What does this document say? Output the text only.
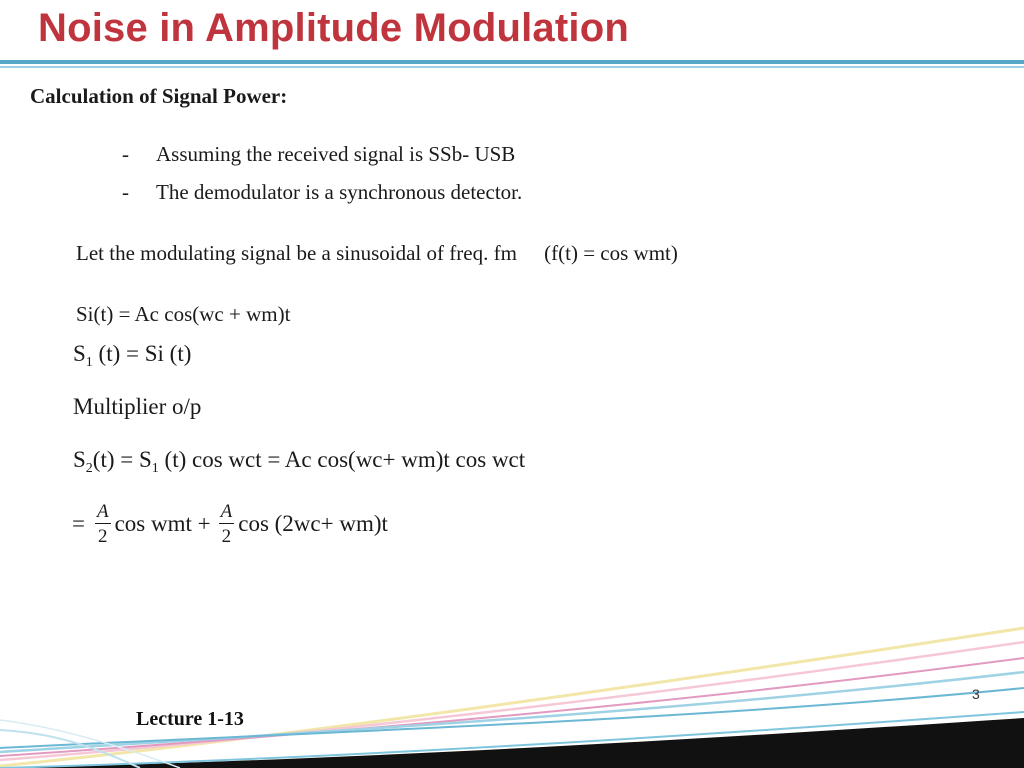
Noise in Amplitude Modulation
Calculation of Signal Power:
-	Assuming the received signal is SSb- USB
-	The demodulator is a synchronous detector.
Let the modulating signal be a sinusoidal of freq. fm (f(t) = cos wmt)
Si(t) = Ac cos(wc + wm)t
$S_1$ (t) = Si (t)
Multiplier o/p
$S_2(t) = S_1$ (t) cos wct = Ac cos(wc+ wm)t cos wct
= $\frac{A}{2}$ cos wmt + $\frac{A}{2}$ cos (2wc+ wm)t
3
Lecture 1-13
